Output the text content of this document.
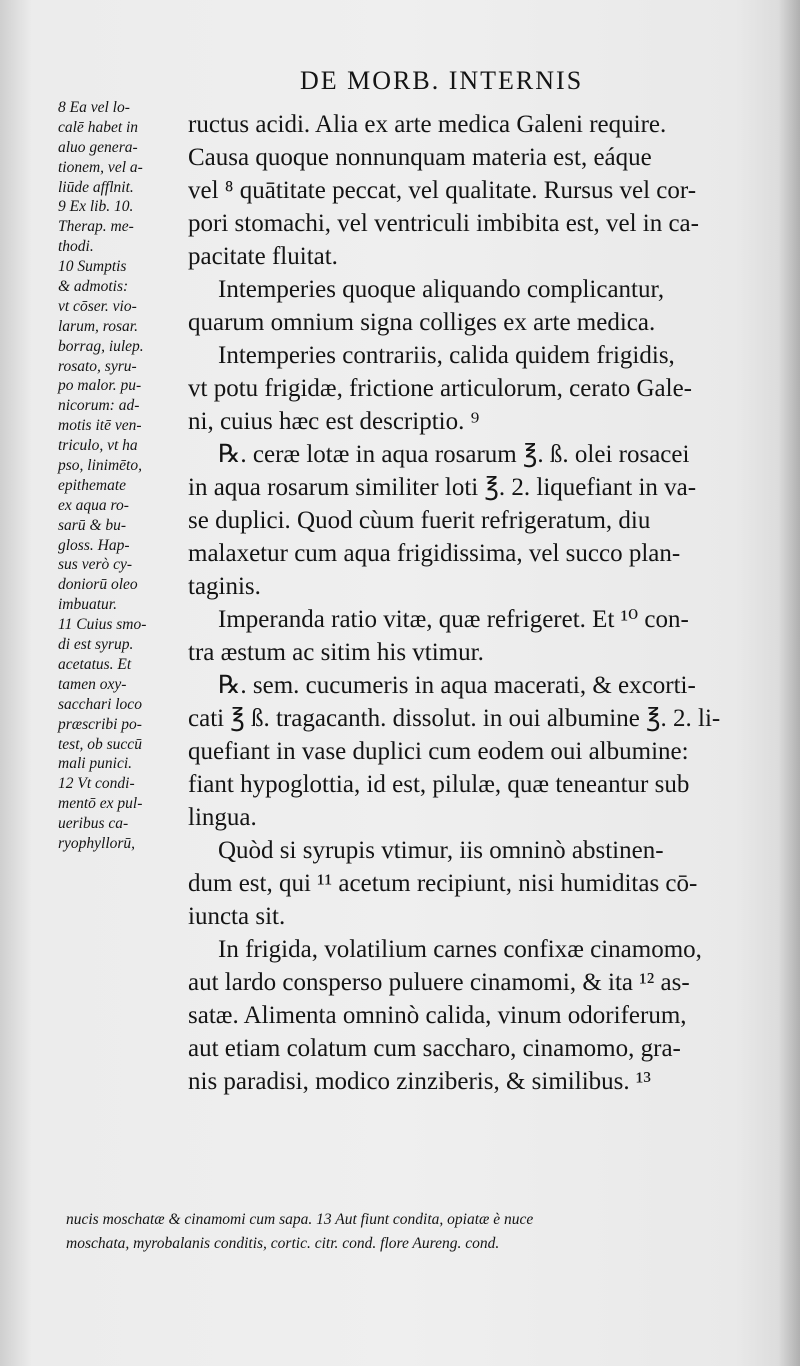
DE MORB. INTERNIS
8 Ea vel lo-
calē habet in
aluo genera-
tionem, vel a-
liūde afflnit.
9 Ex lib. 10.
Therap. me-
thodi.
10 Sumptis
& admotis:
vt cōser. vio-
larum, rosar.
borrag, iulep.
rosato, syru-
po malor. pu-
nicorum: ad-
motis itē ven-
triculo, vt ha
pso, linimēto,
epithemate
ex aqua ro-
sarū & bu-
gloss. Hap-
sus verò cy-
doniorū oleo
imbuatur.
11 Cuius smo-
di est syrup.
acetatus. Et
tamen oxy-
sacchari loco
præscribi po-
test, ob succū
mali punici.
12 Vt condi-
mentō ex pul-
ueribus ca-
ryophyllorū,
ructus acidi. Alia ex arte medica Galeni require.
Causa quoque nonnunquam materia est, eáque
vel ⁸ quātitate peccat, vel qualitate. Rursus vel cor-
pori stomachi, vel ventriculi imbibita est, vel in ca-
pacitate fluitat.
Intemperies quoque aliquando complicantur,
quarum omnium signa colliges ex arte medica.
Intemperies contrariis, calida quidem frigidis,
vt potu frigidæ, frictione articulorum, cerato Gale-
ni, cuius hæc est descriptio. ⁹
℞. ceræ lotæ in aqua rosarum ℥. ß. olei rosacei
in aqua rosarum similiter loti ℥. 2. liquefiant in va-
se duplici. Quod cùum fuerit refrigeratum, diu
malaxetur cum aqua frigidissima, vel succo plan-
taginis.
Imperanda ratio vitæ, quæ refrigeret. Et ¹⁰ con-
tra æstum ac sitim his vtimur.
℞. sem. cucumeris in aqua macerati, & excorti-
cati ℥ ß. tragacanth. dissolut. in oui albumine ℥. 2. li-
quefiant in vase duplici cum eodem oui albumine:
fiant hypoglottia, id est, pilulæ, quæ teneantur sub
lingua.
Quòd si syrupis vtimur, iis omninò abstinen-
dum est, qui ¹¹ acetum recipiunt, nisi humiditas cō-
iuncta sit.
In frigida, volatilium carnes confixæ cinamomo,
aut lardo consperso puluere cinamomi, & ita ¹² as-
satæ. Alimenta omninò calida, vinum odoriferum,
aut etiam colatum cum saccharo, cinamomo, gra-
nis paradisi, modico zinziberis, & similibus. ¹³
nucis moschatæ & cinamomi cum sapa. 13 Aut fiunt condita, opiatæ è nuce
moschata, myrobalanis conditis, cortic. citr. cond. flore Aureng. cond.
